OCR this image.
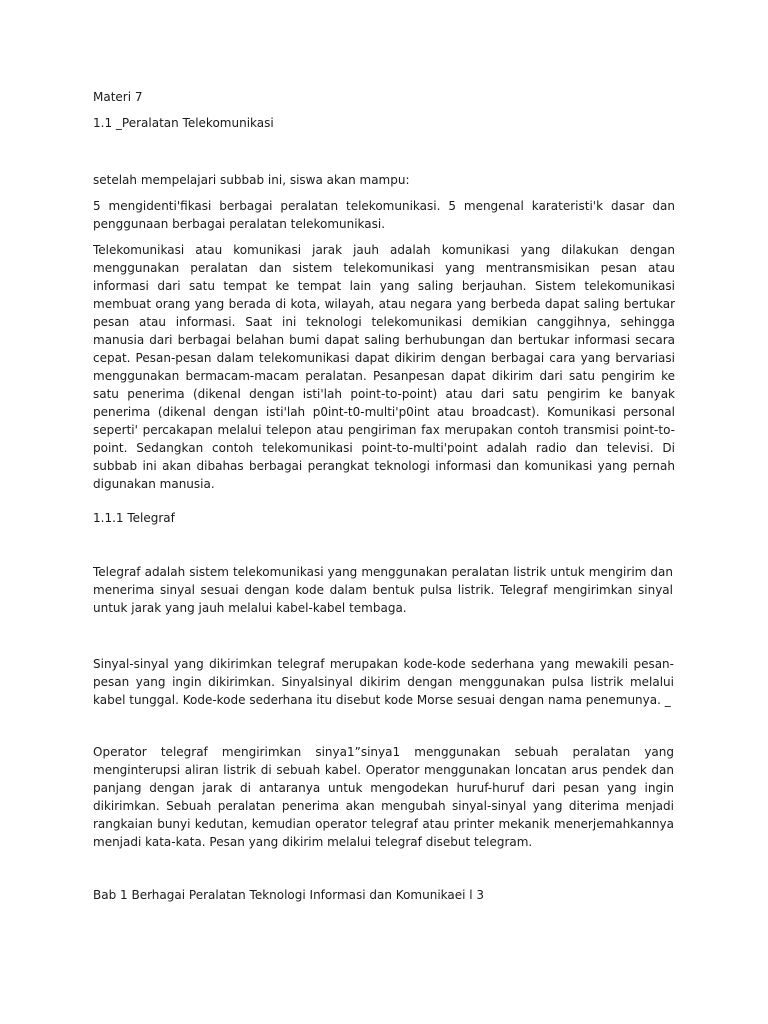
Materi 7
1.1 _Peralatan Telekomunikasi
setelah mempelajari subbab ini, siswa akan mampu:
5 mengidenti'fikasi berbagai peralatan telekomunikasi. 5 mengenal karateristi'k dasar dan penggunaan berbagai peralatan telekomunikasi.
Telekomunikasi atau komunikasi jarak jauh adalah komunikasi yang dilakukan dengan menggunakan peralatan dan sistem telekomunikasi yang mentransmisikan pesan atau informasi dari satu tempat ke tempat lain yang saling berjauhan. Sistem telekomunikasi membuat orang yang berada di kota, wilayah, atau negara yang berbeda dapat saling bertukar pesan atau informasi. Saat ini teknologi telekomunikasi demikian canggihnya, sehingga manusia dari berbagai belahan bumi dapat saling berhubungan dan bertukar informasi secara cepat. Pesan-pesan dalam telekomunikasi dapat dikirim dengan berbagai cara yang bervariasi menggunakan bermacam-macam peralatan. Pesanpesan dapat dikirim dari satu pengirim ke satu penerima (dikenal dengan isti'lah point-to-point) atau dari satu pengirim ke banyak penerima (dikenal dengan isti'lah p0int-t0-multi'p0int atau broadcast). Komunikasi personal seperti' percakapan melalui telepon atau pengiriman fax merupakan contoh transmisi point-to-point. Sedangkan contoh telekomunikasi point-to-multi'point adalah radio dan televisi. Di subbab ini akan dibahas berbagai perangkat teknologi informasi dan komunikasi yang pernah digunakan manusia.
1.1.1 Telegraf
Telegraf adalah sistem telekomunikasi yang menggunakan peralatan listrik untuk mengirim dan menerima sinyal sesuai dengan kode dalam bentuk pulsa listrik. Telegraf mengirimkan sinyal untuk jarak yang jauh melalui kabel-kabel tembaga.
Sinyal-sinyal yang dikirimkan telegraf merupakan kode-kode sederhana yang mewakili pesan-pesan yang ingin dikirimkan. Sinyalsinyal dikirim dengan menggunakan pulsa listrik melalui kabel tunggal. Kode-kode sederhana itu disebut kode Morse sesuai dengan nama penemunya. _
Operator telegraf mengirimkan sinya1”sinya1 menggunakan sebuah peralatan yang menginterupsi aliran listrik di sebuah kabel. Operator menggunakan loncatan arus pendek dan panjang dengan jarak di antaranya untuk mengodekan huruf-huruf dari pesan yang ingin dikirimkan. Sebuah peralatan penerima akan mengubah sinyal-sinyal yang diterima menjadi rangkaian bunyi kedutan, kemudian operator telegraf atau printer mekanik menerjemahkannya menjadi kata-kata. Pesan yang dikirim melalui telegraf disebut telegram.
Bab 1 Berhagai Peralatan Teknologi Informasi dan Komunikaei l 3
